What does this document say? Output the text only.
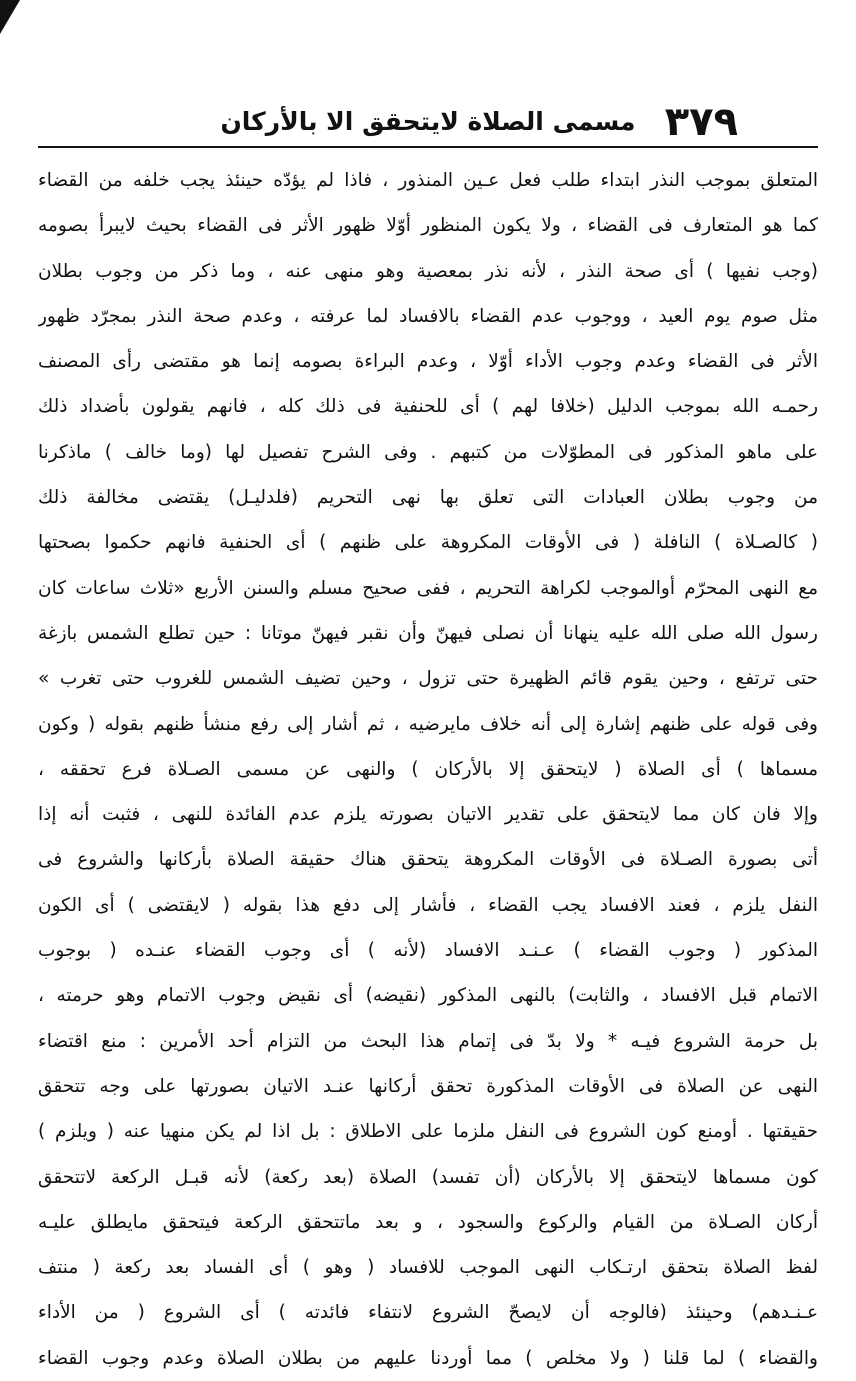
٣٧٩
مسمى الصلاة لايتحقق الا بالأركان
المتعلق بموجب النذر ابتداء طلب فعل عـين المنذور ، فاذا لم يؤدّه حينئذ يجب خلفه من القضاء
كما هو المتعارف فى القضاء ، ولا يكون المنظور أوّلا ظهور الأثر فى القضاء بحيث لايبرأ بصومه
(وجب نفيها ) أى صحة النذر ، لأنه نذر بمعصية وهو منهى عنه ، وما ذكر من وجوب بطلان
مثل صوم يوم العيد ، ووجوب عدم القضاء بالافساد لما عرفته ، وعدم صحة النذر بمجرّد ظهور
الأثر فى القضاء وعدم وجوب الأداء أوّلا ، وعدم البراءة بصومه إنما هو مقتضى رأى المصنف
رحمـه الله بموجب الدليل (خلافا لهم ) أى للحنفية فى ذلك كله ، فانهم يقولون بأضداد ذلك
على ماهو المذكور فى المطوّلات من كتبهم . وفى الشرح تفصيل لها (وما خالف ) ماذكرنا
من وجوب بطلان العبادات التى تعلق بها نهى التحريم (فلدليـل) يقتضى مخالفة ذلك
( كالصـلاة ) النافلة ( فى الأوقات المكروهة على ظنهم ) أى الحنفية فانهم حكموا بصحتها
مع النهى المحرّم أوالموجب لكراهة التحريم ، ففى صحيح مسلم والسنن الأربع «ثلاث ساعات كان
رسول الله صلى الله عليه ينهانا أن نصلى فيهنّ وأن نقبر فيهنّ موتانا : حين تطلع الشمس بازغة
حتى ترتفع ، وحين يقوم قائم الظهيرة حتى تزول ، وحين تضيف الشمس للغروب حتى تغرب »
وفى قوله على ظنهم إشارة إلى أنه خلاف مايرضيه ، ثم أشار إلى رفع منشأ ظنهم بقوله ( وكون
مسماها ) أى الصلاة ( لايتحقق إلا بالأركان ) والنهى عن مسمى الصـلاة فرع تحققه ،
وإلا فان كان مما لايتحقق على تقدير الاتيان بصورته يلزم عدم الفائدة للنهى ، فثبت أنه إذا
أتى بصورة الصـلاة فى الأوقات المكروهة يتحقق هناك حقيقة الصلاة بأركانها والشروع فى
النفل يلزم ، فعند الافساد يجب القضاء ، فأشار إلى دفع هذا بقوله ( لايقتضى ) أى الكون
المذكور ( وجوب القضاء ) عـنـد الافساد (لأنه ) أى وجوب القضاء عنـده ( بوجوب
الاتمام قبل الافساد ، والثابت) بالنهى المذكور (نقيضه) أى نقيض وجوب الاتمام وهو حرمته ،
بل حرمة الشروع فيـه * ولا بدّ فى إتمام هذا البحث من التزام أحد الأمرين : منع اقتضاء
النهى عن الصلاة فى الأوقات المذكورة تحقق أركانها عنـد الاتيان بصورتها على وجه تتحقق
حقيقتها . أومنع كون الشروع فى النفل ملزما على الاطلاق : بل اذا لم يكن منهيا عنه ( ويلزم )
كون مسماها لايتحقق إلا بالأركان (أن تفسد) الصلاة (بعد ركعة) لأنه قبـل الركعة لاتتحقق
أركان الصـلاة من القيام والركوع والسجود ، و بعد ماتتحقق الركعة فيتحقق مايطلق عليـه
لفظ الصلاة بتحقق ارتـكاب النهى الموجب للافساد ( وهو ) أى الفساد بعد ركعة ( منتف
عـنـدهم) وحينئذ (فالوجه أن لايصحّ الشروع لانتفاء فائدته ) أى الشروع ( من الأداء
والقضاء ) لما قلنا ( ولا مخلص ) مما أوردنا عليهم من بطلان الصلاة وعدم وجوب القضاء
